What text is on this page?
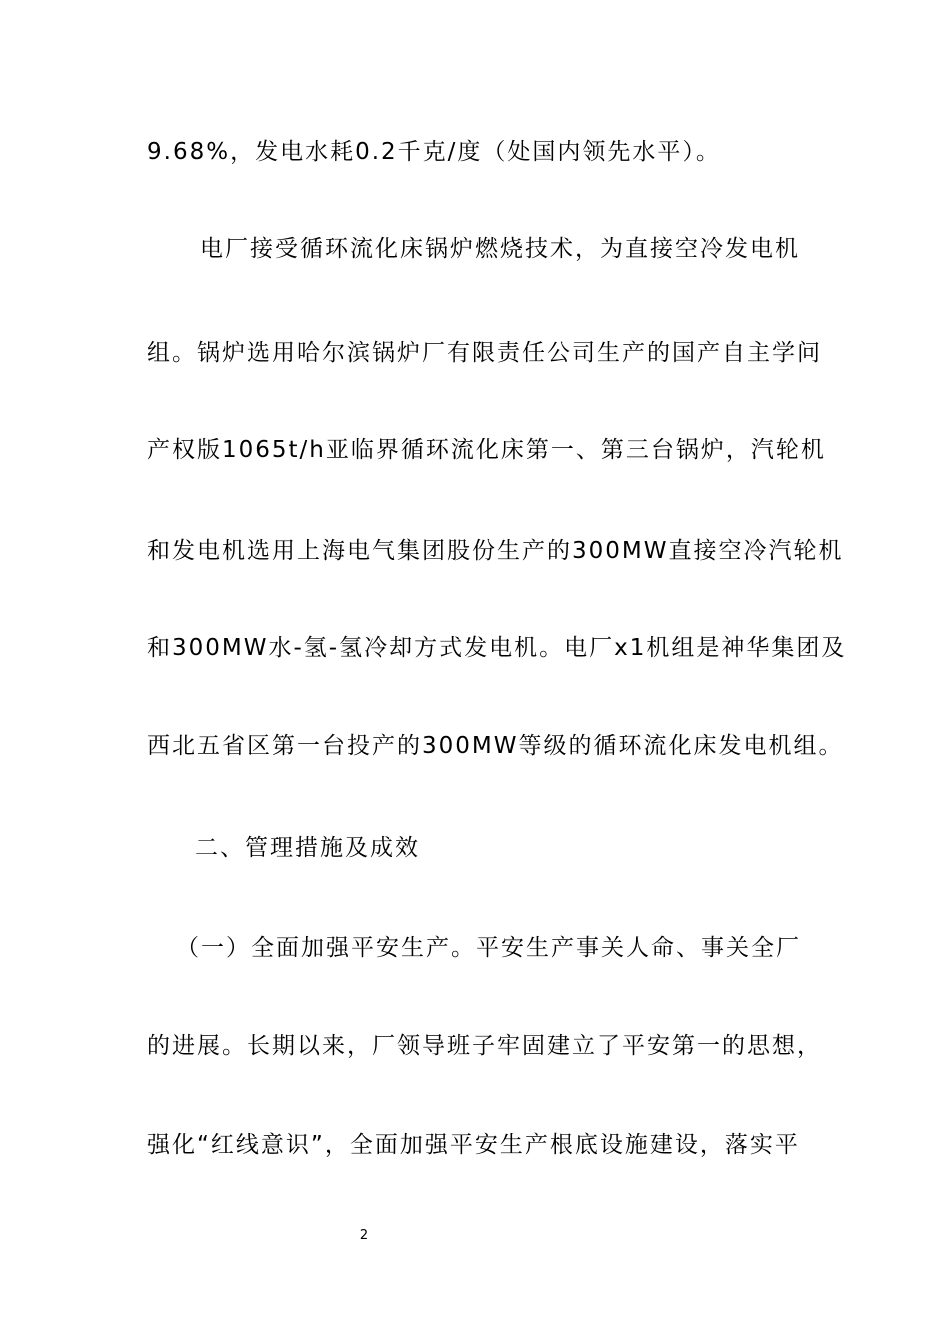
9.68%，发电水耗0.2千克/度（处国内领先水平）。
电厂接受循环流化床锅炉燃烧技术，为直接空冷发电机
组。锅炉选用哈尔滨锅炉厂有限责任公司生产的国产自主学问
产权版1065t/h亚临界循环流化床第一、第三台锅炉，汽轮机
和发电机选用上海电气集团股份生产的300MW直接空冷汽轮机
和300MW水-氢-氢冷却方式发电机。电厂x1机组是神华集团及
西北五省区第一台投产的300MW等级的循环流化床发电机组。
二、管理措施及成效
（一）全面加强平安生产。平安生产事关人命、事关全厂
的进展。长期以来，厂领导班子牢固建立了平安第一的思想，
强化“红线意识”，全面加强平安生产根底设施建设，落实平
2
